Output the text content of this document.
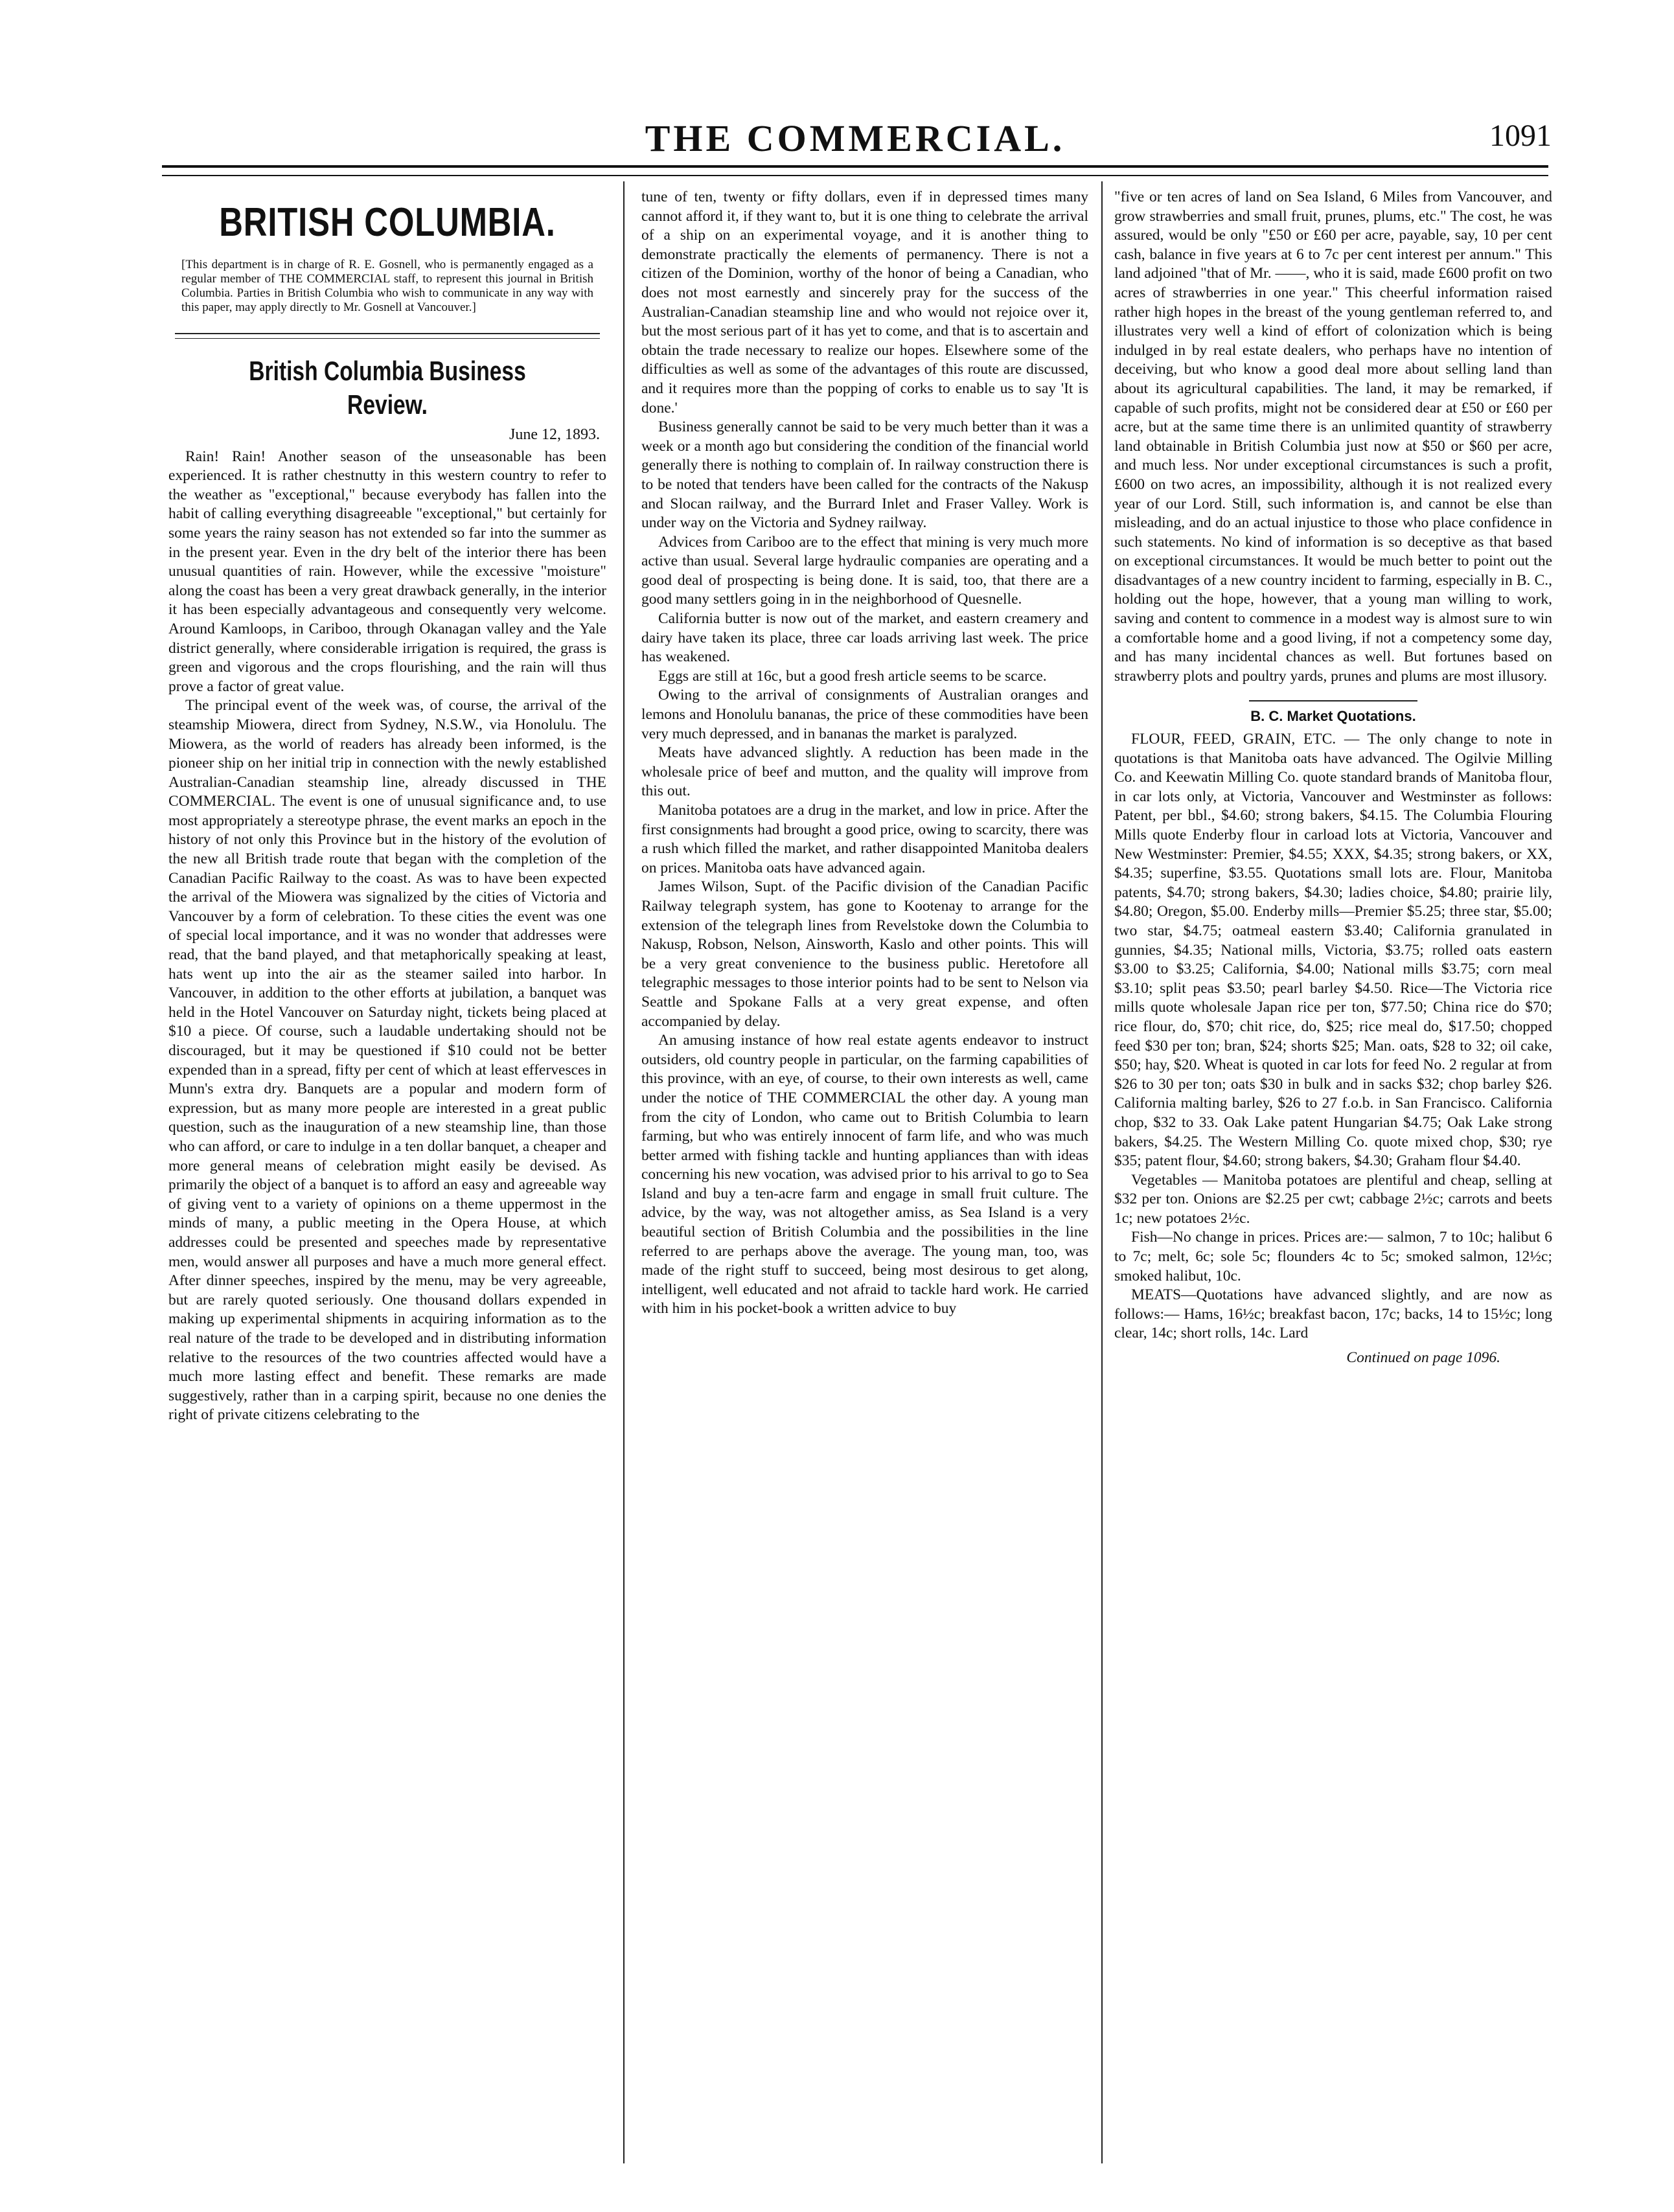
THE COMMERCIAL.	1091
BRITISH COLUMBIA.
[This department is in charge of R. E. Gosnell, who is permanently engaged as a regular member of THE COMMERCIAL staff, to represent this journal in British Columbia. Parties in British Columbia who wish to communicate in any way with this paper, may apply directly to Mr. Gosnell at Vancouver.]
British Columbia Business Review.
June 12, 1893.

Rain! Rain! Another season of the unseasonable has been experienced. It is rather chestnutty in this western country to refer to the weather as "exceptional," because everybody has fallen into the habit of calling everything disagreeable "exceptional," but certainly for some years the rainy season has not extended so far into the summer as in the present year. Even in the dry belt of the interior there has been unusual quantities of rain. However, while the excessive "moisture" along the coast has been a very great drawback generally, in the interior it has been especially advantageous and consequently very welcome. Around Kamloops, in Cariboo, through Okanagan valley and the Yale district generally, where considerable irrigation is required, the grass is green and vigorous and the crops flourishing, and the rain will thus prove a factor of great value.

The principal event of the week was, of course, the arrival of the steamship Miowera, direct from Sydney, N.S.W., via Honolulu. The Miowera, as the world of readers has already been informed, is the pioneer ship on her initial trip in connection with the newly established Australian-Canadian steamship line, already discussed in THE COMMERCIAL. The event is one of unusual significance and, to use most appropriately a stereotype phrase, the event marks an epoch in the history of not only this Province but in the history of the evolution of the new all British trade route that began with the completion of the Canadian Pacific Railway to the coast. As was to have been expected the arrival of the Miowera was signalized by the cities of Victoria and Vancouver by a form of celebration. To these cities the event was one of special local importance, and it was no wonder that addresses were read, that the band played, and that metaphorically speaking at least, hats went up into the air as the steamer sailed into harbor. In Vancouver, in addition to the other efforts at jubilation, a banquet was held in the Hotel Vancouver on Saturday night, tickets being placed at $10 a piece. Of course, such a laudable undertaking should not be discouraged, but it may be questioned if $10 could not be better expended than in a spread, fifty per cent of which at least effervesces in Munn's extra dry. Banquets are a popular and modern form of expression, but as many more people are interested in a great public question, such as the inauguration of a new steamship line, than those who can afford, or care to indulge in a ten dollar banquet, a cheaper and more general means of celebration might easily be devised. As primarily the object of a banquet is to afford an easy and agreeable way of giving vent to a variety of opinions on a theme uppermost in the minds of many, a public meeting in the Opera House, at which addresses could be presented and speeches made by representative men, would answer all purposes and have a much more general effect. After dinner speeches, inspired by the menu, may be very agreeable, but are rarely quoted seriously. One thousand dollars expended in making up experimental shipments in acquiring information as to the real nature of the trade to be developed and in distributing information relative to the resources of the two countries affected would have a much more lasting effect and benefit. These remarks are made suggestively, rather than in a carping spirit, because no one denies the right of private citizens celebrating to the

tune of ten, twenty or fifty dollars, even if in depressed times many cannot afford it, if they want to, but it is one thing to celebrate the arrival of a ship on an experimental voyage, and it is another thing to demonstrate practically the elements of permanency. There is not a citizen of the Dominion, worthy of the honor of being a Canadian, who does not most earnestly and sincerely pray for the success of the Australian-Canadian steamship line and who would not rejoice over it, but the most serious part of it has yet to come, and that is to ascertain and obtain the trade necessary to realize our hopes. Elsewhere some of the difficulties as well as some of the advantages of this route are discussed, and it requires more than the popping of corks to enable us to say 'It is done.'

Business generally cannot be said to be very much better than it was a week or a month ago but considering the condition of the financial world generally there is nothing to complain of. In railway construction there is to be noted that tenders have been called for the contracts of the Nakusp and Slocan railway, and the Burrard Inlet and Fraser Valley. Work is under way on the Victoria and Sydney railway.

Advices from Cariboo are to the effect that mining is very much more active than usual. Several large hydraulic companies are operating and a good deal of prospecting is being done. It is said, too, that there are a good many settlers going in in the neighborhood of Quesnelle.

California butter is now out of the market, and eastern creamery and dairy have taken its place, three car loads arriving last week. The price has weakened.

Eggs are still at 16c, but a good fresh article seems to be scarce.

Owing to the arrival of consignments of Australian oranges and lemons and Honolulu bananas, the price of these commodities have been very much depressed, and in bananas the market is paralyzed.

Meats have advanced slightly. A reduction has been made in the wholesale price of beef and mutton, and the quality will improve from this out.

Manitoba potatoes are a drug in the market, and low in price. After the first consignments had brought a good price, owing to scarcity, there was a rush which filled the market, and rather disappointed Manitoba dealers on prices. Manitoba oats have advanced again.

James Wilson, Supt. of the Pacific division of the Canadian Pacific Railway telegraph system, has gone to Kootenay to arrange for the extension of the telegraph lines from Revelstoke down the Columbia to Nakusp, Robson, Nelson, Ainsworth, Kaslo and other points. This will be a very great convenience to the business public. Heretofore all telegraphic messages to those interior points had to be sent to Nelson via Seattle and Spokane Falls at a very great expense, and often accompanied by delay.

An amusing instance of how real estate agents endeavor to instruct outsiders, old country people in particular, on the farming capabilities of this province, with an eye, of course, to their own interests as well, came under the notice of THE COMMERCIAL the other day. A young man from the city of London, who came out to British Columbia to learn farming, but who was entirely innocent of farm life, and who was much better armed with fishing tackle and hunting appliances than with ideas concerning his new vocation, was advised prior to his arrival to go to Sea Island and buy a ten-acre farm and engage in small fruit culture. The advice, by the way, was not altogether amiss, as Sea Island is a very beautiful section of British Columbia and the possibilities in the line referred to are perhaps above the average. The young man, too, was made of the right stuff to succeed, being most desirous to get along, intelligent, well educated and not afraid to tackle hard work. He carried with him in his pocket-book a written advice to buy

"five or ten acres of land on Sea Island, 6 Miles from Vancouver, and grow strawberries and small fruit, prunes, plums, etc." The cost, he was assured, would be only "£50 or £60 per acre, payable, say, 10 per cent cash, balance in five years at 6 to 7c per cent interest per annum." This land adjoined "that of Mr. ——, who it is said, made £600 profit on two acres of strawberries in one year." This cheerful information raised rather high hopes in the breast of the young gentleman referred to, and illustrates very well a kind of effort of colonization which is being indulged in by real estate dealers, who perhaps have no intention of deceiving, but who know a good deal more about selling land than about its agricultural capabilities. The land, it may be remarked, if capable of such profits, might not be considered dear at £50 or £60 per acre, but at the same time there is an unlimited quantity of strawberry land obtainable in British Columbia just now at $50 or $60 per acre, and much less. Nor under exceptional circumstances is such a profit, £600 on two acres, an impossibility, although it is not realized every year of our Lord. Still, such information is, and cannot be else than misleading, and do an actual injustice to those who place confidence in such statements. No kind of information is so deceptive as that based on exceptional circumstances. It would be much better to point out the disadvantages of a new country incident to farming, especially in B. C., holding out the hope, however, that a young man willing to work, saving and content to commence in a modest way is almost sure to win a comfortable home and a good living, if not a competency some day, and has many incidental chances as well. But fortunes based on strawberry plots and poultry yards, prunes and plums are most illusory.

B. C. Market Quotations.

FLOUR, FEED, GRAIN, ETC. — The only change to note in quotations is that Manitoba oats have advanced. The Ogilvie Milling Co. and Keewatin Milling Co. quote standard brands of Manitoba flour, in car lots only, at Victoria, Vancouver and Westminster as follows: Patent, per bbl., $4.60; strong bakers, $4.15. The Columbia Flouring Mills quote Enderby flour in carload lots at Victoria, Vancouver and New Westminster: Premier, $4.55; XXX, $4.35; strong bakers, or XX, $4.35; superfine, $3.55. Quotations small lots are. Flour, Manitoba patents, $4.70; strong bakers, $4.30; ladies choice, $4.80; prairie lily, $4.80; Oregon, $5.00. Enderby mills—Premier $5.25; three star, $5.00; two star, $4.75; oatmeal eastern $3.40; California granulated in gunnies, $4.35; National mills, Victoria, $3.75; rolled oats eastern $3.00 to $3.25; California, $4.00; National mills $3.75; corn meal $3.10; split peas $3.50; pearl barley $4.50. Rice—The Victoria rice mills quote wholesale Japan rice per ton, $77.50; China rice do $70; rice flour, do, $70; chit rice, do, $25; rice meal do, $17.50; chopped feed $30 per ton; bran, $24; shorts $25; Man. oats, $28 to 32; oil cake, $50; hay, $20. Wheat is quoted in car lots for feed No. 2 regular at from $26 to 30 per ton; oats $30 in bulk and in sacks $32; chop barley $26. California malting barley, $26 to 27 f.o.b. in San Francisco. California chop, $32 to 33. Oak Lake patent Hungarian $4.75; Oak Lake strong bakers, $4.25. The Western Milling Co. quote mixed chop, $30; rye $35; patent flour, $4.60; strong bakers, $4.30; Graham flour $4.40.

Vegetables — Manitoba potatoes are plentiful and cheap, selling at $32 per ton. Onions are $2.25 per cwt; cabbage 2½c; carrots and beets 1c; new potatoes 2½c.

Fish—No change in prices. Prices are:— salmon, 7 to 10c; halibut 6 to 7c; melt, 6c; sole 5c; flounders 4c to 5c; smoked salmon, 12½c; smoked halibut, 10c.

MEATS—Quotations have advanced slightly, and are now as follows:— Hams, 16½c; breakfast bacon, 17c; backs, 14 to 15½c; long clear, 14c; short rolls, 14c. Lard

Continued on page 1096.
